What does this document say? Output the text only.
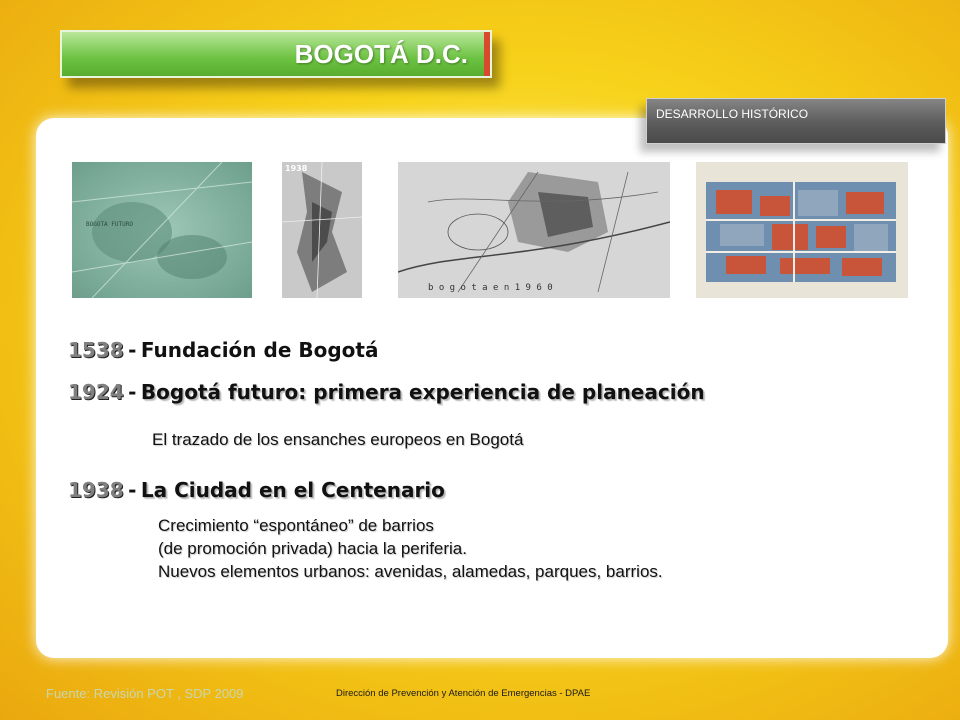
BOGOTÁ D.C.
DESARROLLO HISTÓRICO
BOGOTA FUTURO
1938
b o g o t a e n 1 9 6 0
1538 - Fundación de Bogotá
1924 - Bogotá futuro: primera experiencia de planeación
El trazado de los ensanches europeos en Bogotá
1938 - La Ciudad en el Centenario
Crecimiento “espontáneo” de barrios
(de promoción privada) hacia la periferia.
Nuevos elementos urbanos: avenidas, alamedas, parques, barrios.
Fuente: Revisión POT , SDP 2009	Dirección de Prevención y Atención de Emergencias - DPAE
